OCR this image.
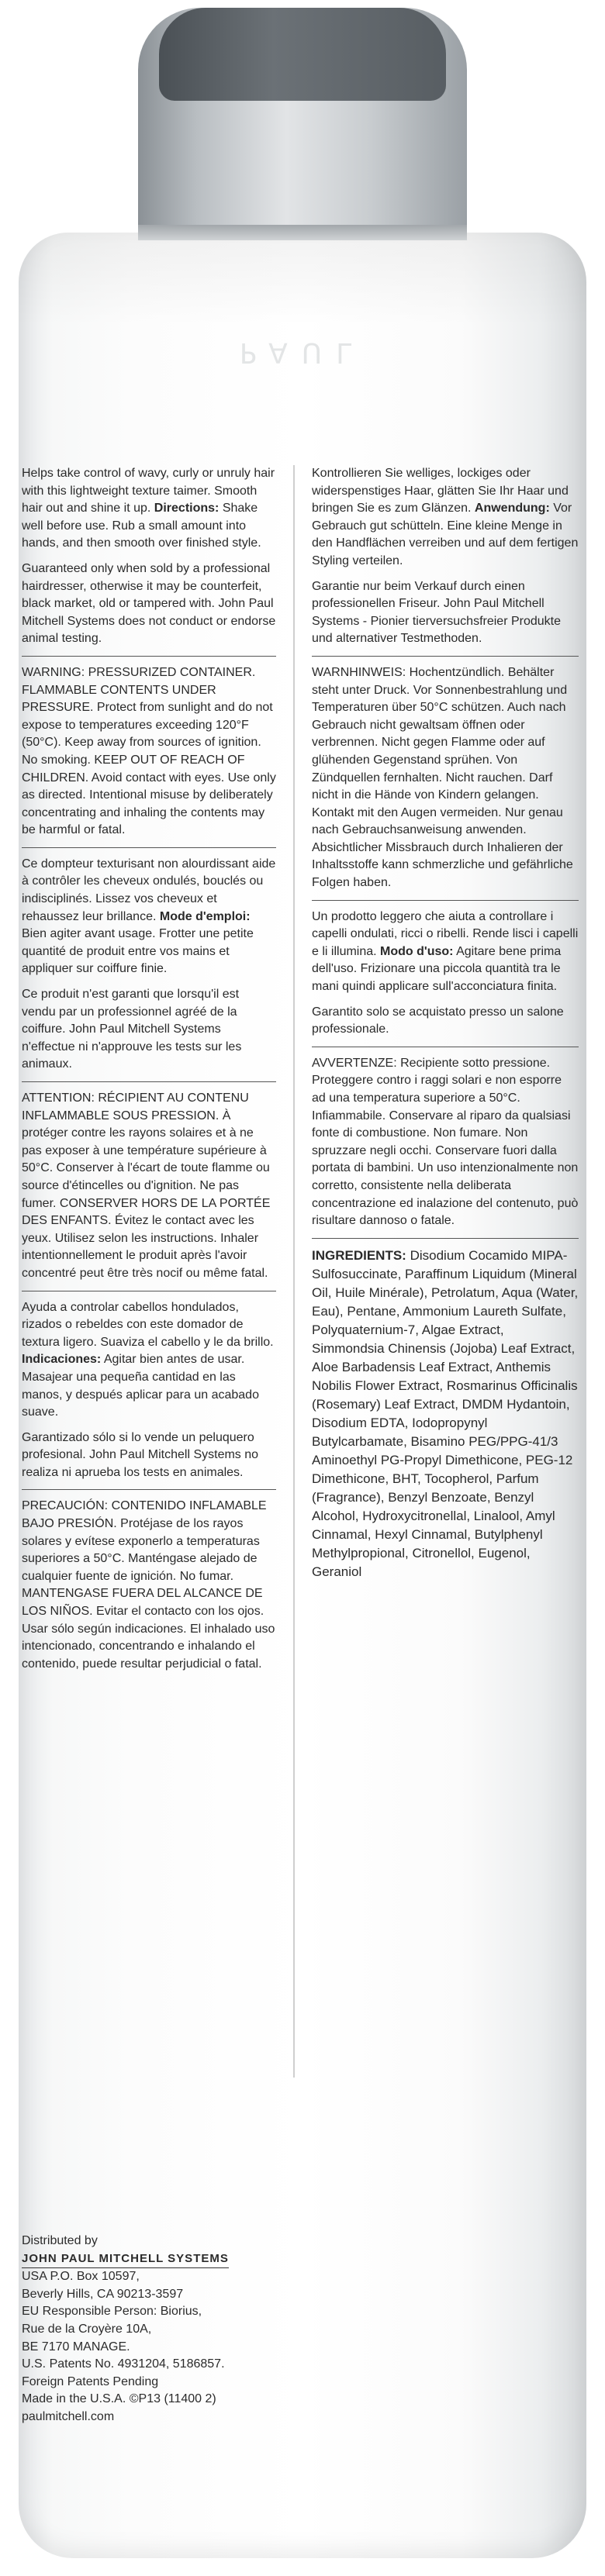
PAUL

Helps take control of wavy, curly or unruly hair with this lightweight texture taimer. Smooth hair out and shine it up. Directions: Shake well before use. Rub a small amount into hands, and then smooth over finished style.

Guaranteed only when sold by a professional hairdresser, otherwise it may be counterfeit, black market, old or tampered with. John Paul Mitchell Systems does not conduct or endorse animal testing.

WARNING: PRESSURIZED CONTAINER. FLAMMABLE CONTENTS UNDER PRESSURE. Protect from sunlight and do not expose to temperatures exceeding 120°F (50°C). Keep away from sources of ignition. No smoking. KEEP OUT OF REACH OF CHILDREN. Avoid contact with eyes. Use only as directed. Intentional misuse by deliberately concentrating and inhaling the contents may be harmful or fatal.

Ce dompteur texturisant non alourdissant aide à contrôler les cheveux ondulés, bouclés ou indisciplinés. Lissez vos cheveux et rehaussez leur brillance. Mode d'emploi: Bien agiter avant usage. Frotter une petite quantité de produit entre vos mains et appliquer sur coiffure finie.

Ce produit n'est garanti que lorsqu'il est vendu par un professionnel agréé de la coiffure. John Paul Mitchell Systems n'effectue ni n'approuve les tests sur les animaux.

ATTENTION: RÉCIPIENT AU CONTENU INFLAMMABLE SOUS PRESSION. À protéger contre les rayons solaires et à ne pas exposer à une température supérieure à 50°C. Conserver à l'écart de toute flamme ou source d'étincelles ou d'ignition. Ne pas fumer. CONSERVER HORS DE LA PORTÉE DES ENFANTS. Évitez le contact avec les yeux. Utilisez selon les instructions. Inhaler intentionnellement le produit après l'avoir concentré peut être très nocif ou même fatal.

Ayuda a controlar cabellos hondulados, rizados o rebeldes con este domador de textura ligero. Suaviza el cabello y le da brillo. Indicaciones: Agitar bien antes de usar. Masajear una pequeña cantidad en las manos, y después aplicar para un acabado suave.

Garantizado sólo si lo vende un peluquero profesional. John Paul Mitchell Systems no realiza ni aprueba los tests en animales.

PRECAUCIÓN: CONTENIDO INFLAMABLE BAJO PRESIÓN. Protéjase de los rayos solares y evítese exponerlo a temperaturas superiores a 50°C. Manténgase alejado de cualquier fuente de ignición. No fumar. MANTENGASE FUERA DEL ALCANCE DE LOS NIÑOS. Evitar el contacto con los ojos. Usar sólo según indicaciones. El inhalado uso intencionado, concentrando e inhalando el contenido, puede resultar perjudicial o fatal.

Kontrollieren Sie welliges, lockiges oder widerspenstiges Haar, glätten Sie Ihr Haar und bringen Sie es zum Glänzen. Anwendung: Vor Gebrauch gut schütteln. Eine kleine Menge in den Handflächen verreiben und auf dem fertigen Styling verteilen.

Garantie nur beim Verkauf durch einen professionellen Friseur. John Paul Mitchell Systems - Pionier tierversuchsfreier Produkte und alternativer Testmethoden.

WARNHINWEIS: Hochentzündlich. Behälter steht unter Druck. Vor Sonnenbestrahlung und Temperaturen über 50°C schützen. Auch nach Gebrauch nicht gewaltsam öffnen oder verbrennen. Nicht gegen Flamme oder auf glühenden Gegenstand sprühen. Von Zündquellen fernhalten. Nicht rauchen. Darf nicht in die Hände von Kindern gelangen. Kontakt mit den Augen vermeiden. Nur genau nach Gebrauchsanweisung anwenden. Absichtlicher Missbrauch durch Inhalieren der Inhaltsstoffe kann schmerzliche und gefährliche Folgen haben.

Un prodotto leggero che aiuta a controllare i capelli ondulati, ricci o ribelli. Rende lisci i capelli e li illumina. Modo d'uso: Agitare bene prima dell'uso. Frizionare una piccola quantità tra le mani quindi applicare sull'acconciatura finita.

Garantito solo se acquistato presso un salone professionale.

AVVERTENZE: Recipiente sotto pressione. Proteggere contro i raggi solari e non esporre ad una temperatura superiore a 50°C. Infiammabile. Conservare al riparo da qualsiasi fonte di combustione. Non fumare. Non spruzzare negli occhi. Conservare fuori dalla portata di bambini. Un uso intenzionalmente non corretto, consistente nella deliberata concentrazione ed inalazione del contenuto, può risultare dannoso o fatale.

INGREDIENTS: Disodium Cocamido MIPA-Sulfosuccinate, Paraffinum Liquidum (Mineral Oil, Huile Minérale), Petrolatum, Aqua (Water, Eau), Pentane, Ammonium Laureth Sulfate, Polyquaternium-7, Algae Extract, Simmondsia Chinensis (Jojoba) Leaf Extract, Aloe Barbadensis Leaf Extract, Anthemis Nobilis Flower Extract, Rosmarinus Officinalis (Rosemary) Leaf Extract, DMDM Hydantoin, Disodium EDTA, Iodopropynyl Butylcarbamate, Bisamino PEG/PPG-41/3 Aminoethyl PG-Propyl Dimethicone, PEG-12 Dimethicone, BHT, Tocopherol, Parfum (Fragrance), Benzyl Benzoate, Benzyl Alcohol, Hydroxycitronellal, Linalool, Amyl Cinnamal, Hexyl Cinnamal, Butylphenyl Methylpropional, Citronellol, Eugenol, Geraniol

Distributed by
JOHN PAUL MITCHELL SYSTEMS
USA P.O. Box 10597,
Beverly Hills, CA 90213-3597
EU Responsible Person: Biorius,
Rue de la Croyère 10A,
BE 7170 MANAGE.
U.S. Patents No. 4931204, 5186857.
Foreign Patents Pending
Made in the U.S.A. ©P13 (11400 2)
paulmitchell.com
